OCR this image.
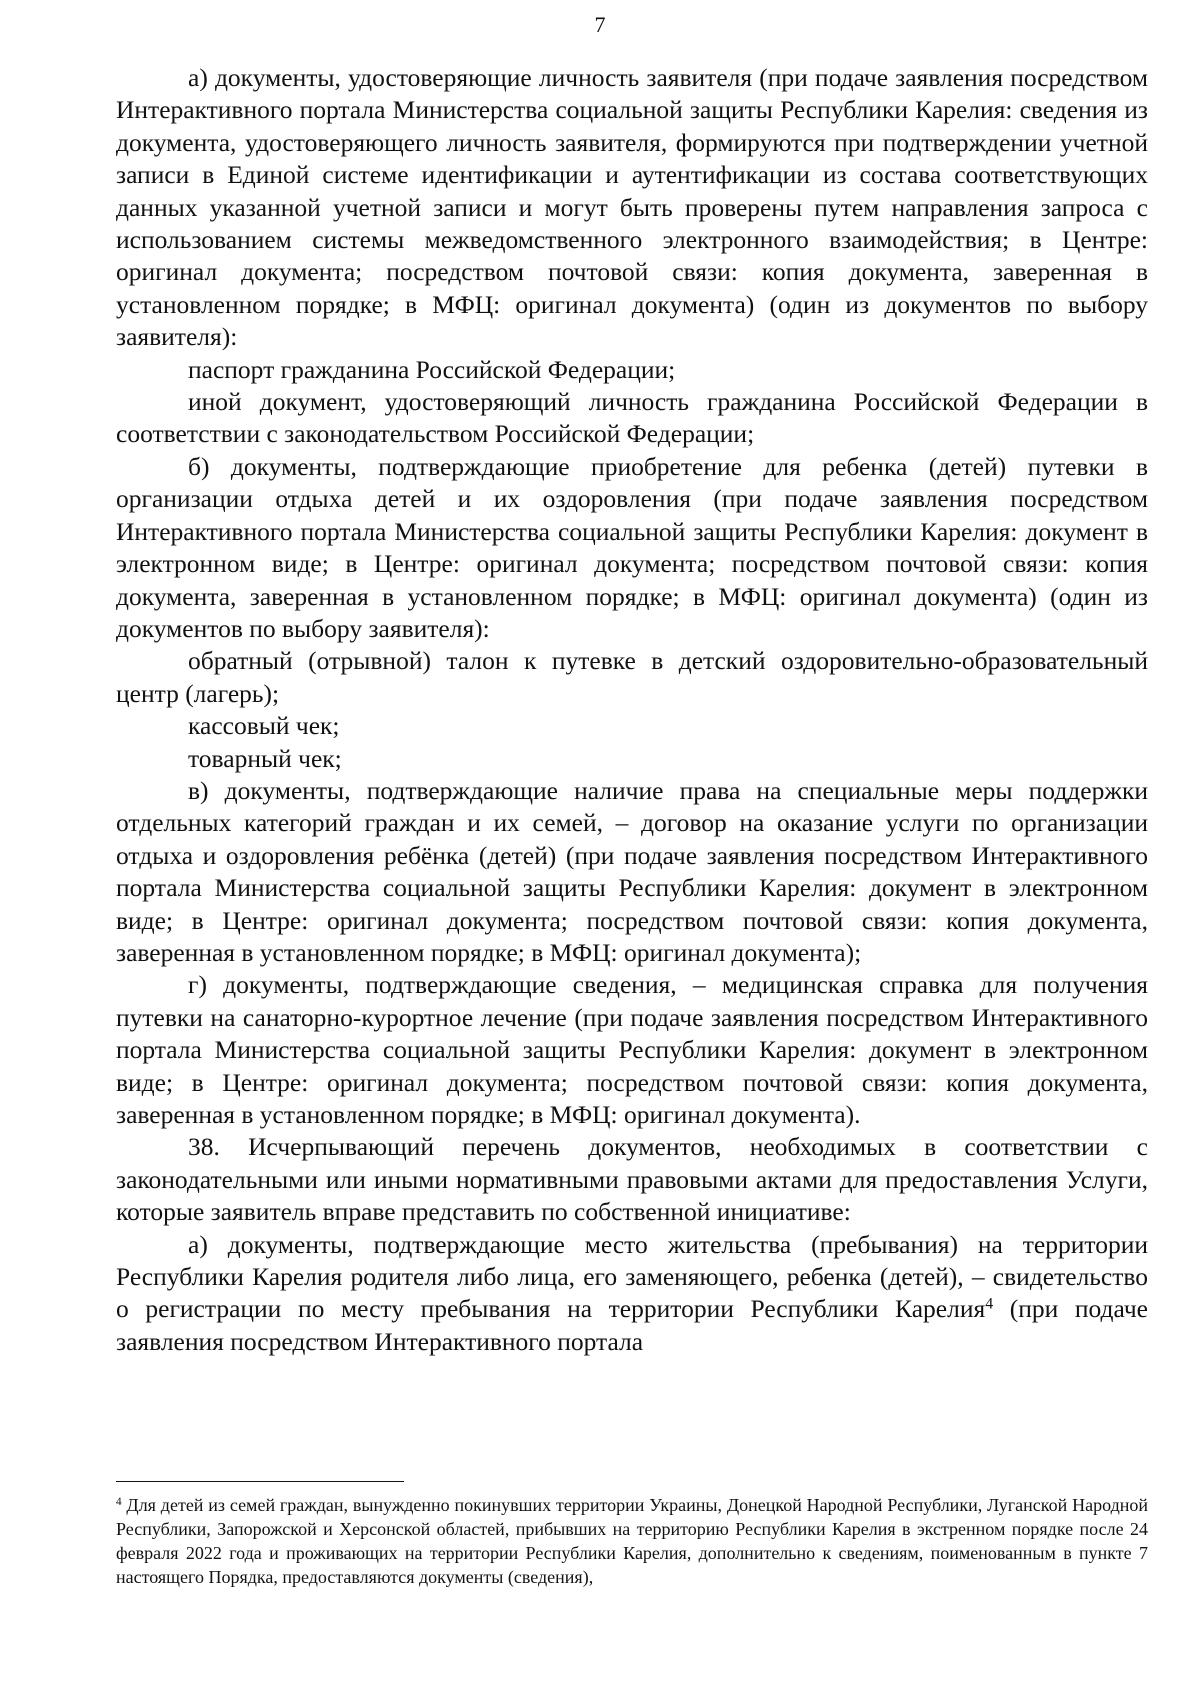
7

а) документы, удостоверяющие личность заявителя (при подаче заявления посредством Интерактивного портала Министерства социальной защиты Республики Карелия: сведения из документа, удостоверяющего личность заявителя, формируются при подтверждении учетной записи в Единой системе идентификации и аутентификации из состава соответствующих данных указанной учетной записи и могут быть проверены путем направления запроса с использованием системы межведомственного электронного взаимодействия; в Центре: оригинал документа; посредством почтовой связи: копия документа, заверенная в установленном порядке; в МФЦ: оригинал документа) (один из документов по выбору заявителя):

паспорт гражданина Российской Федерации;

иной документ, удостоверяющий личность гражданина Российской Федерации в соответствии с законодательством Российской Федерации;

б) документы, подтверждающие приобретение для ребенка (детей) путевки в организации отдыха детей и их оздоровления (при подаче заявления посредством Интерактивного портала Министерства социальной защиты Республики Карелия: документ в электронном виде; в Центре: оригинал документа; посредством почтовой связи: копия документа, заверенная в установленном порядке; в МФЦ: оригинал документа) (один из документов по выбору заявителя):

обратный (отрывной) талон к путевке в детский оздоровительно-образовательный центр (лагерь);

кассовый чек;

товарный чек;

в) документы, подтверждающие наличие права на специальные меры поддержки отдельных категорий граждан и их семей, – договор на оказание услуги по организации отдыха и оздоровления ребёнка (детей) (при подаче заявления посредством Интерактивного портала Министерства социальной защиты Республики Карелия: документ в электронном виде; в Центре: оригинал документа; посредством почтовой связи: копия документа, заверенная в установленном порядке; в МФЦ: оригинал документа);

г) документы, подтверждающие сведения, – медицинская справка для получения путевки на санаторно-курортное лечение (при подаче заявления посредством Интерактивного портала Министерства социальной защиты Республики Карелия: документ в электронном виде; в Центре: оригинал документа; посредством почтовой связи: копия документа, заверенная в установленном порядке; в МФЦ: оригинал документа).

38. Исчерпывающий перечень документов, необходимых в соответствии с законодательными или иными нормативными правовыми актами для предоставления Услуги, которые заявитель вправе представить по собственной инициативе:

а) документы, подтверждающие место жительства (пребывания) на территории Республики Карелия родителя либо лица, его заменяющего, ребенка (детей), – свидетельство о регистрации по месту пребывания на территории Республики Карелия$^4$ (при подаче заявления посредством Интерактивного портала

$^4$ Для детей из семей граждан, вынужденно покинувших территории Украины, Донецкой Народной Республики, Луганской Народной Республики, Запорожской и Херсонской областей, прибывших на территорию Республики Карелия в экстренном порядке после 24 февраля 2022 года и проживающих на территории Республики Карелия, дополнительно к сведениям, поименованным в пункте 7 настоящего Порядка, предоставляются документы (сведения),
